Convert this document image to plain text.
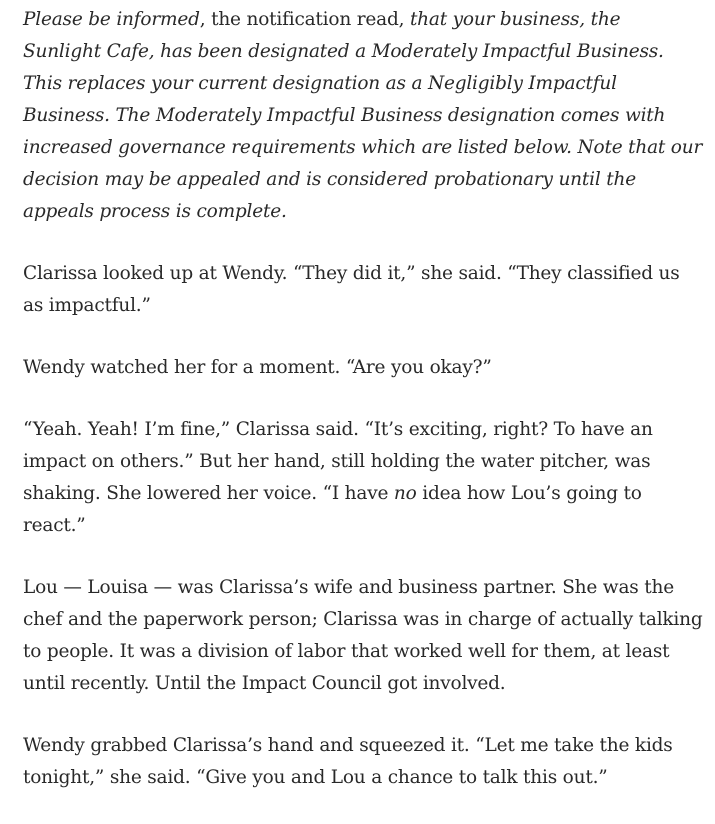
Please be informed, the notification read, that your business, the Sunlight Cafe, has been designated a Moderately Impactful Business. This replaces your current designation as a Negligibly Impactful Business. The Moderately Impactful Business designation comes with increased governance requirements which are listed below. Note that our decision may be appealed and is considered probationary until the appeals process is complete.

Clarissa looked up at Wendy. “They did it,” she said. “They classified us as impactful.”

Wendy watched her for a moment. “Are you okay?”

“Yeah. Yeah! I’m fine,” Clarissa said. “It’s exciting, right? To have an impact on others.” But her hand, still holding the water pitcher, was shaking. She lowered her voice. “I have no idea how Lou’s going to react.”

Lou — Louisa — was Clarissa’s wife and business partner. She was the chef and the paperwork person; Clarissa was in charge of actually talking to people. It was a division of labor that worked well for them, at least until recently. Until the Impact Council got involved.

Wendy grabbed Clarissa’s hand and squeezed it. “Let me take the kids tonight,” she said. “Give you and Lou a chance to talk this out.”
